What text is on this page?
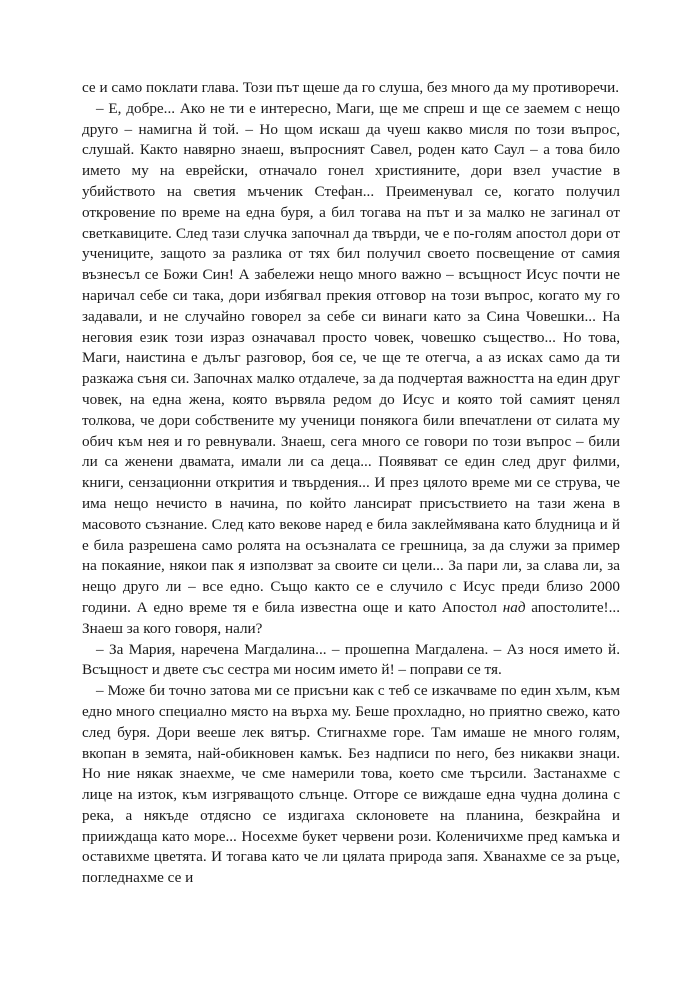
се и само поклати глава. Този път щеше да го слуша, без много да му противоречи.

– Е, добре... Ако не ти е интересно, Маги, ще ме спреш и ще се заемем с нещо друго – намигна й той. – Но щом искаш да чуеш какво мисля по този въпрос, слушай. Както навярно знаеш, въпросният Савел, роден като Саул – а това било името му на еврейски, отначало гонел християните, дори взел участие в убийството на светия мъченик Стефан... Преименувал се, когато получил откровение по време на една буря, а бил тогава на път и за малко не загинал от светкавиците. След тази случка започнал да твърди, че е по-голям апостол дори от учениците, защото за разлика от тях бил получил своето посвещение от самия възнесъл се Божи Син! А забележи нещо много важно – всъщност Исус почти не наричал себе си така, дори избягвал прекия отговор на този въпрос, когато му го задавали, и не случайно говорел за себе си винаги като за Сина Човешки... На неговия език този израз означавал просто човек, човешко същество... Но това, Маги, наистина е дълъг разговор, боя се, че ще те отегча, а аз исках само да ти разкажа съня си. Започнах малко отдалече, за да подчертая важността на един друг човек, на една жена, която вървяла редом до Исус и която той самият ценял толкова, че дори собствените му ученици понякога били впечатлени от силата му обич към нея и го ревнували. Знаеш, сега много се говори по този въпрос – били ли са женени двамата, имали ли са деца... Появяват се един след друг филми, книги, сензационни открития и твърдения... И през цялото време ми се струва, че има нещо нечисто в начина, по който лансират присъствието на тази жена в масовото съзнание. След като векове наред е била заклеймявана като блудница и й е била разрешена само ролята на осъзналата се грешница, за да служи за пример на покаяние, някои пак я използват за своите си цели... За пари ли, за слава ли, за нещо друго ли – все едно. Също както се е случило с Исус преди близо 2000 години. А едно време тя е била известна още и като Апостол над апостолите!... Знаеш за кого говоря, нали?

– За Мария, наречена Магдалина... – прошепна Магдалена. – Аз нося името й. Всъщност и двете със сестра ми носим името й! – поправи се тя.

– Може би точно затова ми се присъни как с теб се изкачваме по един хълм, към едно много специално място на върха му. Беше прохладно, но приятно свежо, като след буря. Дори вееше лек вятър. Стигнахме горе. Там имаше не много голям, вкопан в земята, най-обикновен камък. Без надписи по него, без никакви знаци. Но ние някак знаехме, че сме намерили това, което сме търсили. Застанахме с лице на изток, към изгряващото слънце. Отгоре се виждаше една чудна долина с река, а някъде отдясно се издигаха склоновете на планина, безкрайна и прииждаща като море... Носехме букет червени рози. Коленичихме пред камъка и оставихме цветята. И тогава като че ли цялата природа запя. Хванахме се за ръце, погледнахме се и
